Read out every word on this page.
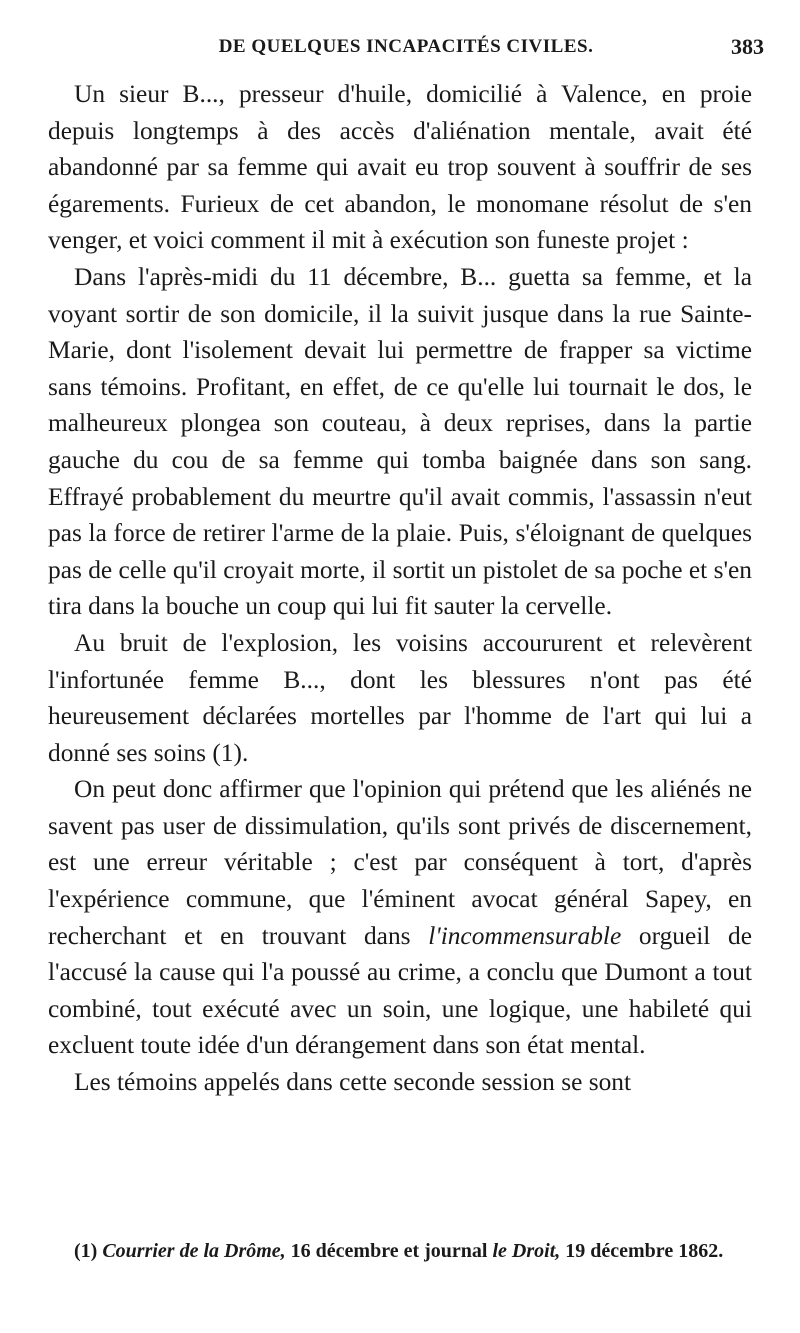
DE QUELQUES INCAPACITÉS CIVILES.	383

Un sieur B..., presseur d'huile, domicilié à Valence, en proie depuis longtemps à des accès d'aliénation mentale, avait été abandonné par sa femme qui avait eu trop souvent à souffrir de ses égarements. Furieux de cet abandon, le monomane résolut de s'en venger, et voici comment il mit à exécution son funeste projet :

Dans l'après-midi du 11 décembre, B... guetta sa femme, et la voyant sortir de son domicile, il la suivit jusque dans la rue Sainte-Marie, dont l'isolement devait lui permettre de frapper sa victime sans témoins. Profitant, en effet, de ce qu'elle lui tournait le dos, le malheureux plongea son couteau, à deux reprises, dans la partie gauche du cou de sa femme qui tomba baignée dans son sang. Effrayé probablement du meurtre qu'il avait commis, l'assassin n'eut pas la force de retirer l'arme de la plaie. Puis, s'éloignant de quelques pas de celle qu'il croyait morte, il sortit un pistolet de sa poche et s'en tira dans la bouche un coup qui lui fit sauter la cervelle.

Au bruit de l'explosion, les voisins accoururent et relevèrent l'infortunée femme B..., dont les blessures n'ont pas été heureusement déclarées mortelles par l'homme de l'art qui lui a donné ses soins (1).

On peut donc affirmer que l'opinion qui prétend que les aliénés ne savent pas user de dissimulation, qu'ils sont privés de discernement, est une erreur véritable ; c'est par conséquent à tort, d'après l'expérience commune, que l'éminent avocat général Sapey, en recherchant et en trouvant dans l'incommensurable orgueil de l'accusé la cause qui l'a poussé au crime, a conclu que Dumont a tout combiné, tout exécuté avec un soin, une logique, une habileté qui excluent toute idée d'un dérangement dans son état mental.

Les témoins appelés dans cette seconde session se sont

(1) Courrier de la Drôme, 16 décembre et journal le Droit, 19 décembre 1862.
